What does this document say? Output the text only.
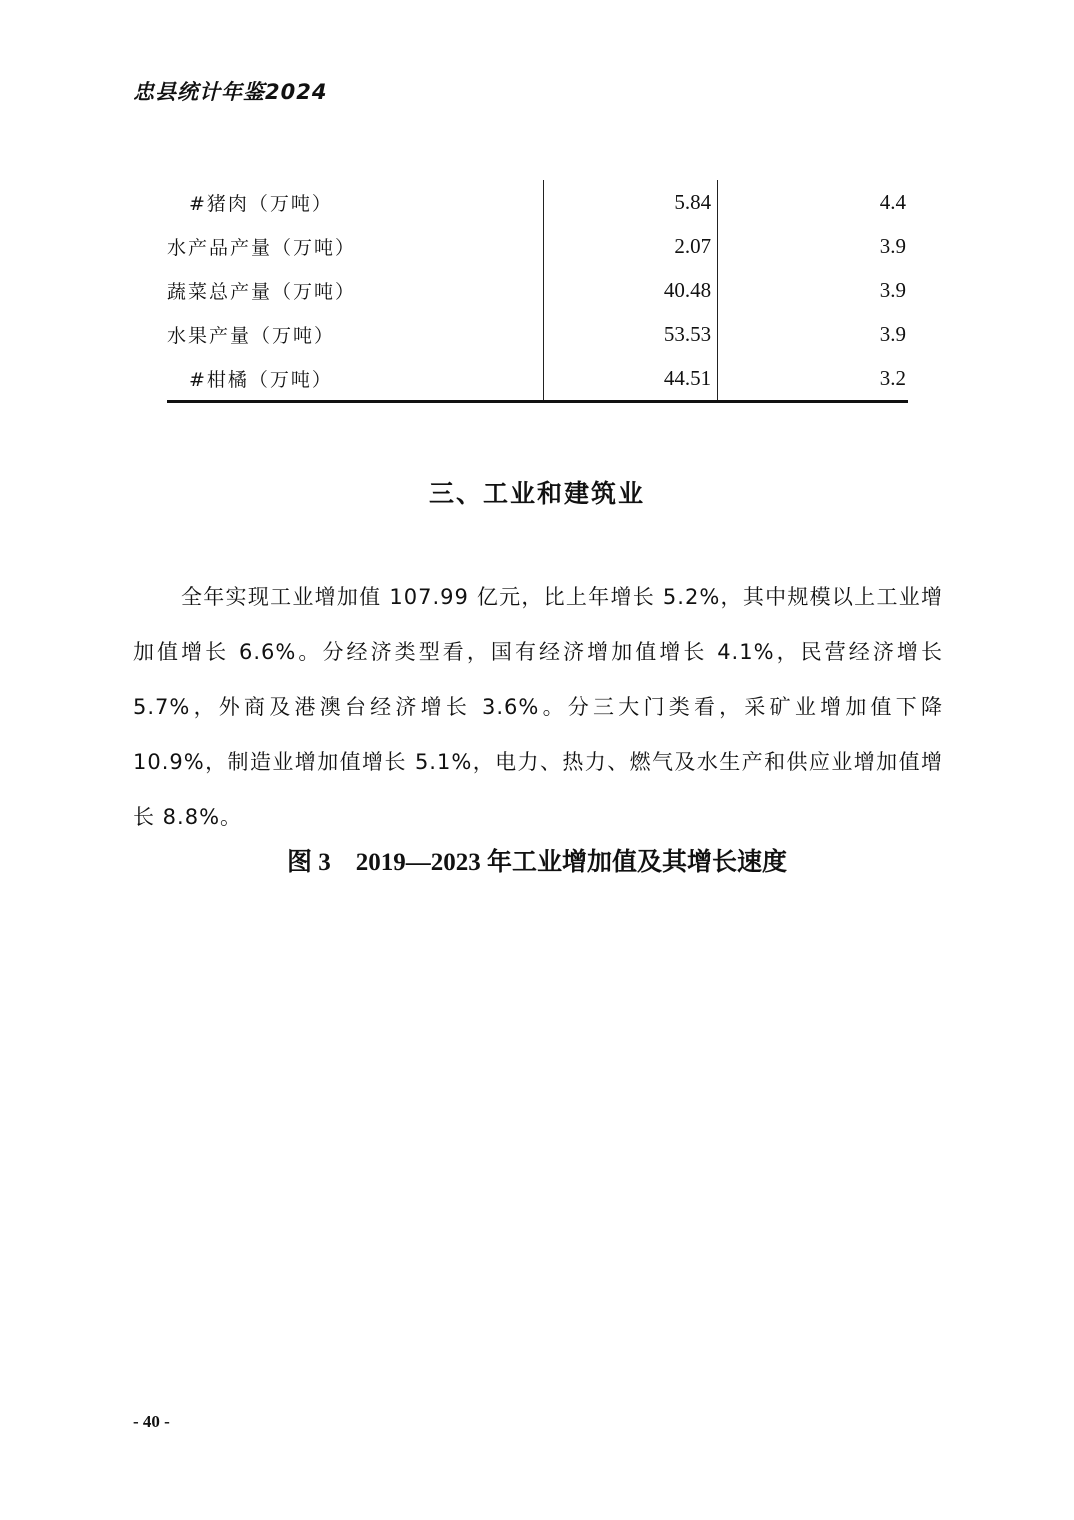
忠县统计年鉴2024
#猪肉（万吨）	5.84	4.4
水产品产量（万吨）	2.07	3.9
蔬菜总产量（万吨）	40.48	3.9
水果产量（万吨）	53.53	3.9
#柑橘（万吨）	44.51	3.2
三、工业和建筑业

全年实现工业增加值 107.99 亿元，比上年增长 5.2%，其中规模以上工业增加值增长 6.6%。分经济类型看，国有经济增加值增长 4.1%，民营经济增长 5.7%，外商及港澳台经济增长 3.6%。分三大门类看，采矿业增加值下降 10.9%，制造业增加值增长 5.1%，电力、热力、燃气及水生产和供应业增加值增长 8.8%。

图 3　2019—2023 年工业增加值及其增长速度
- 40 -
